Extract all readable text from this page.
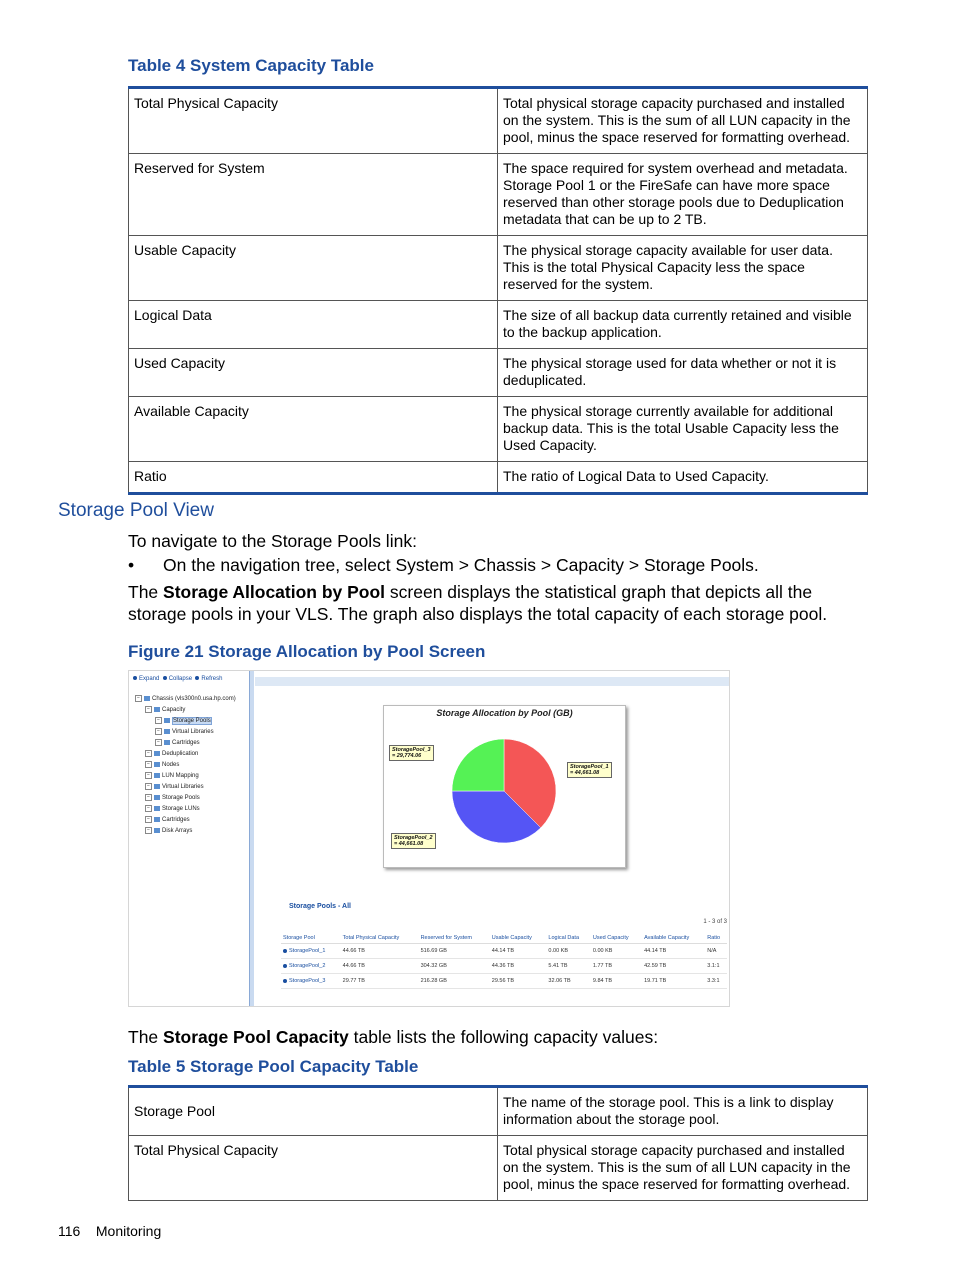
Table 4 System Capacity Table
Total Physical Capacity	Total physical storage capacity purchased and installed on the system. This is the sum of all LUN capacity in the pool, minus the space reserved for formatting overhead.
Reserved for System	The space required for system overhead and metadata. Storage Pool 1 or the FireSafe can have more space reserved than other storage pools due to Deduplication metadata that can be up to 2 TB.
Usable Capacity	The physical storage capacity available for user data. This is the total Physical Capacity less the space reserved for the system.
Logical Data	The size of all backup data currently retained and visible to the backup application.
Used Capacity	The physical storage used for data whether or not it is deduplicated.
Available Capacity	The physical storage currently available for additional backup data. This is the total Usable Capacity less the Used Capacity.
Ratio	The ratio of Logical Data to Used Capacity.
Storage Pool View
To navigate to the Storage Pools link:
• On the navigation tree, select System > Chassis > Capacity > Storage Pools.
The Storage Allocation by Pool screen displays the statistical graph that depicts all the storage pools in your VLS. The graph also displays the total capacity of each storage pool.
Figure 21 Storage Allocation by Pool Screen
Expand Collapse Refresh
− Chassis (vls300n0.usa.hp.com)
− Capacity
− Storage Pools
− Virtual Libraries
− Cartridges
− Deduplication
− Nodes
− LUN Mapping
− Virtual Libraries
− Storage Pools
− Storage LUNs
− Cartridges
− Disk Arrays
Storage Allocation by Pool (GB)
Storage Pools - All
1 - 3 of 3
Storage Pool	Total Physical Capacity	Reserved for System	Usable Capacity	Logical Data	Used Capacity	Available Capacity	Ratio
StoragePool_1	44.66 TB	516.69 GB	44.14 TB	0.00 KB	0.00 KB	44.14 TB	N/A
StoragePool_2	44.66 TB	304.32 GB	44.36 TB	5.41 TB	1.77 TB	42.59 TB	3.1:1
StoragePool_3	29.77 TB	216.28 GB	29.56 TB	32.06 TB	9.84 TB	19.71 TB	3.3:1
StoragePool_1
= 44,661.08
StoragePool_2
= 44,661.08
StoragePool_3
= 29,774.06
The Storage Pool Capacity table lists the following capacity values:
Table 5 Storage Pool Capacity Table
Storage Pool	The name of the storage pool. This is a link to display information about the storage pool.
Total Physical Capacity	Total physical storage capacity purchased and installed on the system. This is the sum of all LUN capacity in the pool, minus the space reserved for formatting overhead.
116 Monitoring
